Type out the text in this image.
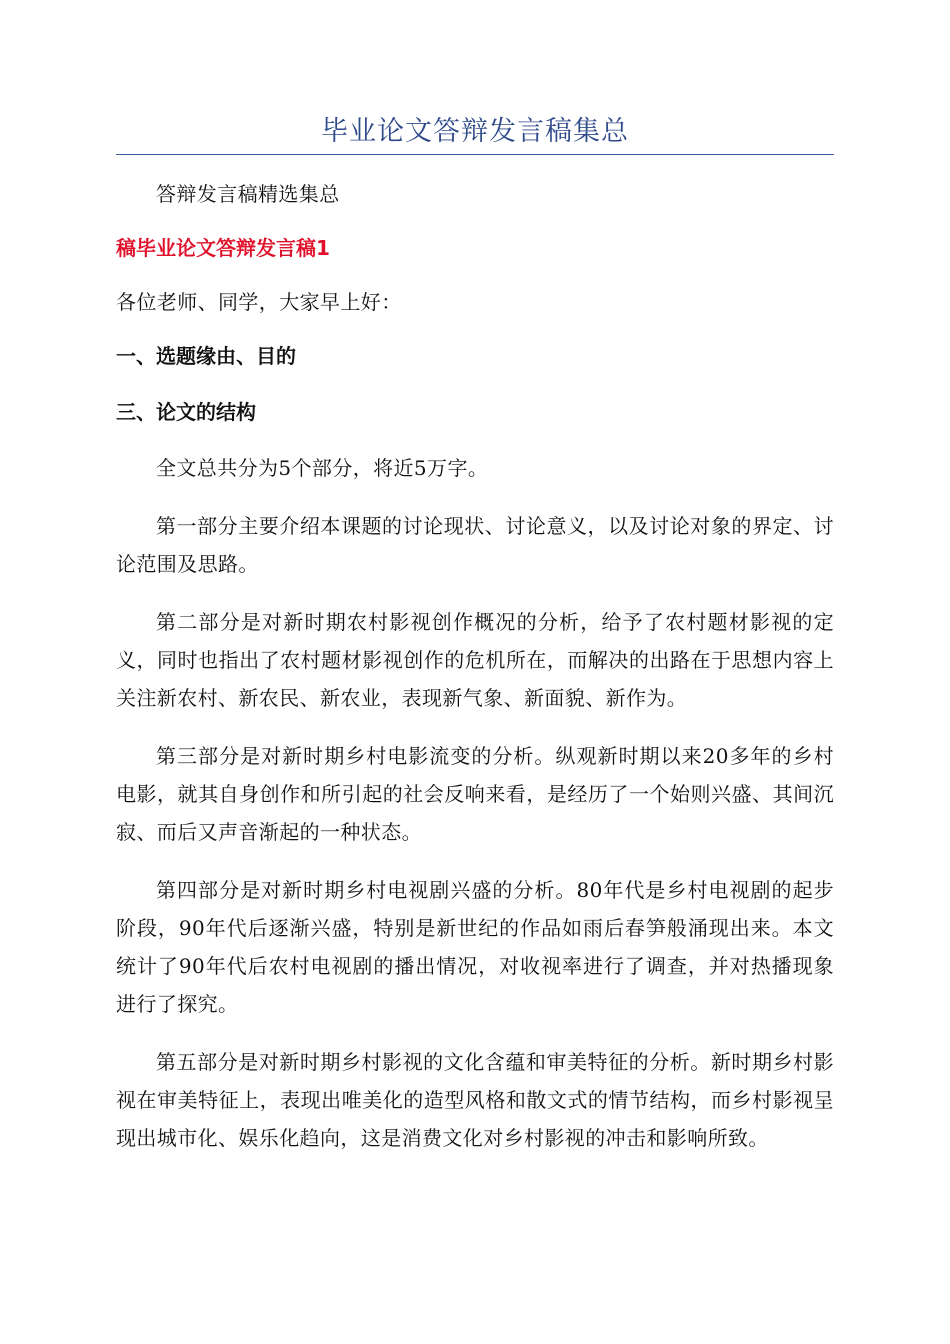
毕业论文答辩发言稿集总

答辩发言稿精选集总

稿毕业论文答辩发言稿1

各位老师、同学，大家早上好：

一、选题缘由、目的

三、论文的结构

全文总共分为5个部分，将近5万字。

第一部分主要介绍本课题的讨论现状、讨论意义，以及讨论对象的界定、讨论范围及思路。

第二部分是对新时期农村影视创作概况的分析，给予了农村题材影视的定义，同时也指出了农村题材影视创作的危机所在，而解决的出路在于思想内容上关注新农村、新农民、新农业，表现新气象、新面貌、新作为。

第三部分是对新时期乡村电影流变的分析。纵观新时期以来20多年的乡村电影，就其自身创作和所引起的社会反响来看，是经历了一个始则兴盛、其间沉寂、而后又声音渐起的一种状态。

第四部分是对新时期乡村电视剧兴盛的分析。80年代是乡村电视剧的起步阶段，90年代后逐渐兴盛，特别是新世纪的作品如雨后春笋般涌现出来。本文统计了90年代后农村电视剧的播出情况，对收视率进行了调查，并对热播现象进行了探究。

第五部分是对新时期乡村影视的文化含蕴和审美特征的分析。新时期乡村影视在审美特征上，表现出唯美化的造型风格和散文式的情节结构，而乡村影视呈现出城市化、娱乐化趋向，这是消费文化对乡村影视的冲击和影响所致。
